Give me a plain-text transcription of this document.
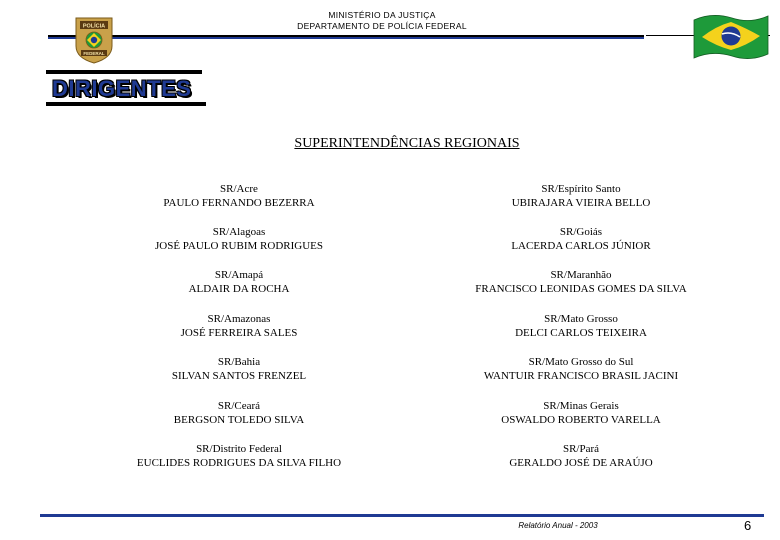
MINISTÉRIO DA JUSTIÇA
DEPARTAMENTO DE POLÍCIA FEDERAL
POLÍCIA
FEDERAL
DIRIGENTES
SUPERINTENDÊNCIAS REGIONAIS
SR/Acre
PAULO FERNANDO BEZERRA
SR/Alagoas
JOSÉ PAULO RUBIM RODRIGUES
SR/Amapá
ALDAIR DA ROCHA
SR/Amazonas
JOSÉ FERREIRA SALES
SR/Bahia
SILVAN SANTOS FRENZEL
SR/Ceará
BERGSON TOLEDO SILVA
SR/Distrito Federal
EUCLIDES RODRIGUES DA SILVA FILHO
SR/Espírito Santo
UBIRAJARA VIEIRA BELLO
SR/Goiás
LACERDA CARLOS JÚNIOR
SR/Maranhão
FRANCISCO LEONIDAS GOMES DA SILVA
SR/Mato Grosso
DELCI CARLOS TEIXEIRA
SR/Mato Grosso do Sul
WANTUIR FRANCISCO BRASIL JACINI
SR/Minas Gerais
OSWALDO ROBERTO VARELLA
SR/Pará
GERALDO JOSÉ DE ARAÚJO
Relatório Anual - 2003	6
